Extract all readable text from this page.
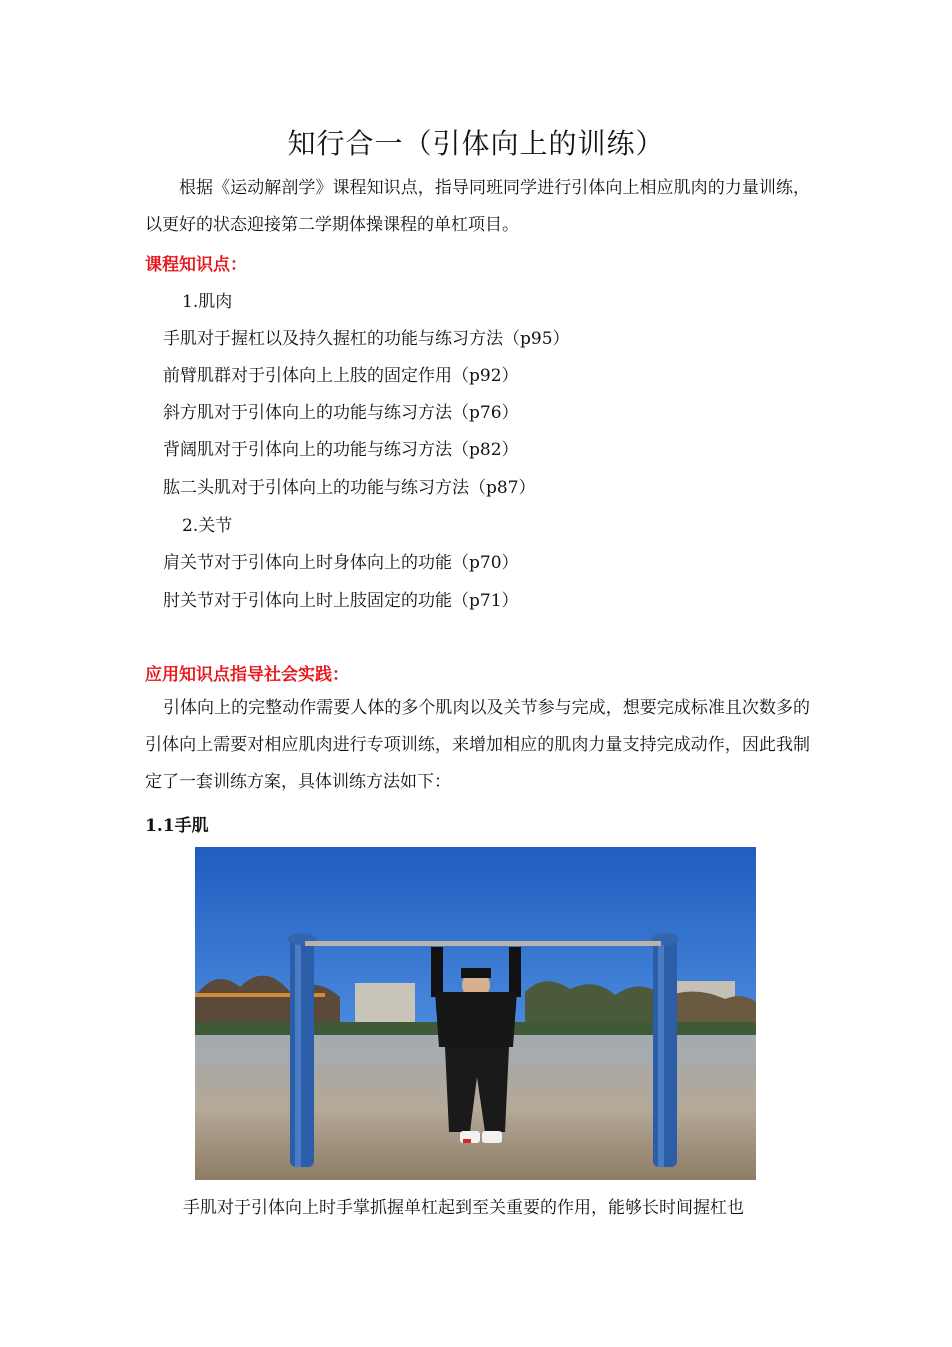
知行合一（引体向上的训练）
根据《运动解剖学》课程知识点，指导同班同学进行引体向上相应肌肉的力量训练，以更好的状态迎接第二学期体操课程的单杠项目。
课程知识点：
1.肌肉
手肌对于握杠以及持久握杠的功能与练习方法（p95）
前臂肌群对于引体向上上肢的固定作用（p92）
斜方肌对于引体向上的功能与练习方法（p76）
背阔肌对于引体向上的功能与练习方法（p82）
肱二头肌对于引体向上的功能与练习方法（p87）
2.关节
肩关节对于引体向上时身体向上的功能（p70）
肘关节对于引体向上时上肢固定的功能（p71）
应用知识点指导社会实践：
引体向上的完整动作需要人体的多个肌肉以及关节参与完成，想要完成标准且次数多的引体向上需要对相应肌肉进行专项训练，来增加相应的肌肉力量支持完成动作，因此我制定了一套训练方案，具体训练方法如下：
1.1手肌
手肌对于引体向上时手掌抓握单杠起到至关重要的作用，能够长时间握杠也
